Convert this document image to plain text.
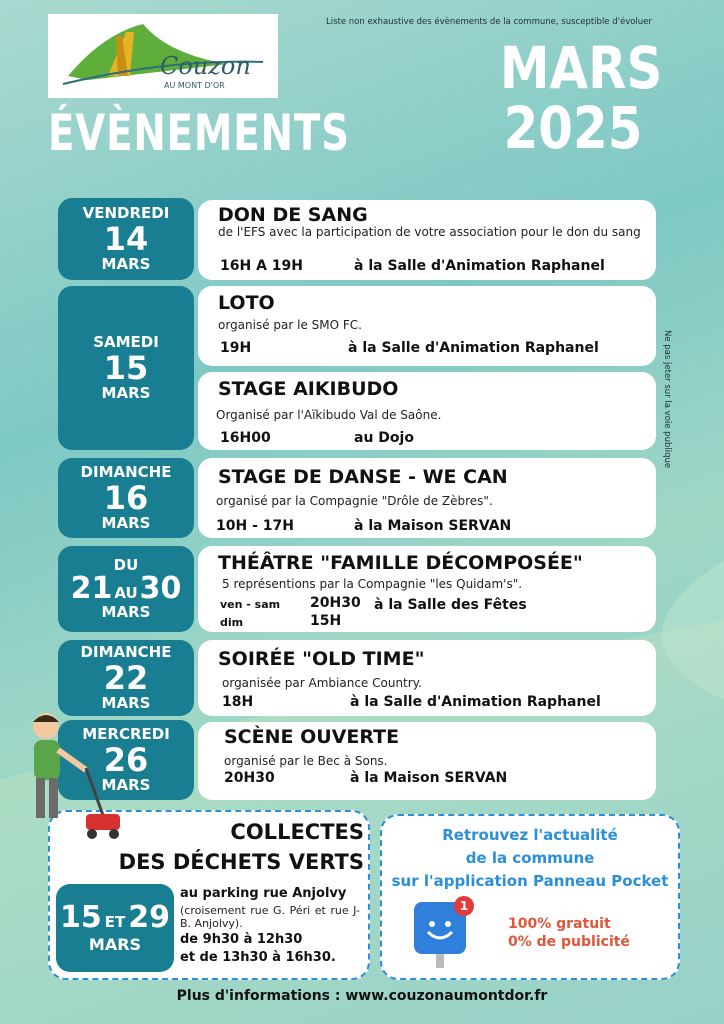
Couzon
AU MONT D'OR
Liste non exhaustive des évènements de la commune, susceptible d'évoluer
ÉVÈNEMENTS
MARS
2025
Ne pas jeter sur la voie publique
VENDREDI
14
MARS
SAMEDI
15
MARS
DIMANCHE
16
MARS
DU
21 AU 30
MARS
DIMANCHE
22
MARS
MERCREDI
26
MARS
DON DE SANG
de l'EFS avec la participation de votre association pour le don du sang
16H A 19H	à la Salle d'Animation Raphanel
LOTO
organisé par le SMO FC.
19H	à la Salle d'Animation Raphanel
STAGE AIKIBUDO
Organisé par l'Aïkibudo Val de Saône.
16H00	au Dojo
STAGE DE DANSE - WE CAN
organisé par la Compagnie "Drôle de Zèbres".
10H - 17H	à la Maison SERVAN
THÉÂTRE "FAMILLE DÉCOMPOSÉE"
5 représentions par la Compagnie "les Quidam's".
ven - sam 20H30
dim	15H
à la Salle des Fêtes
SOIRÉE "OLD TIME"
organisée par Ambiance Country.
18H	à la Salle d'Animation Raphanel
SCÈNE OUVERTE
organisé par le Bec à Sons.
20H30	à la Maison SERVAN
COLLECTES
DES DÉCHETS VERTS
15 ET 29
MARS
au parking rue Anjolvy
(croisement rue G. Péri et rue J-B. Anjolvy).
de 9h30 à 12h30
et de 13h30 à 16h30.
Retrouvez l'actualité
de la commune
sur l'application Panneau Pocket
1
100% gratuit
0% de publicité
Plus d'informations : www.couzonaumontdor.fr
